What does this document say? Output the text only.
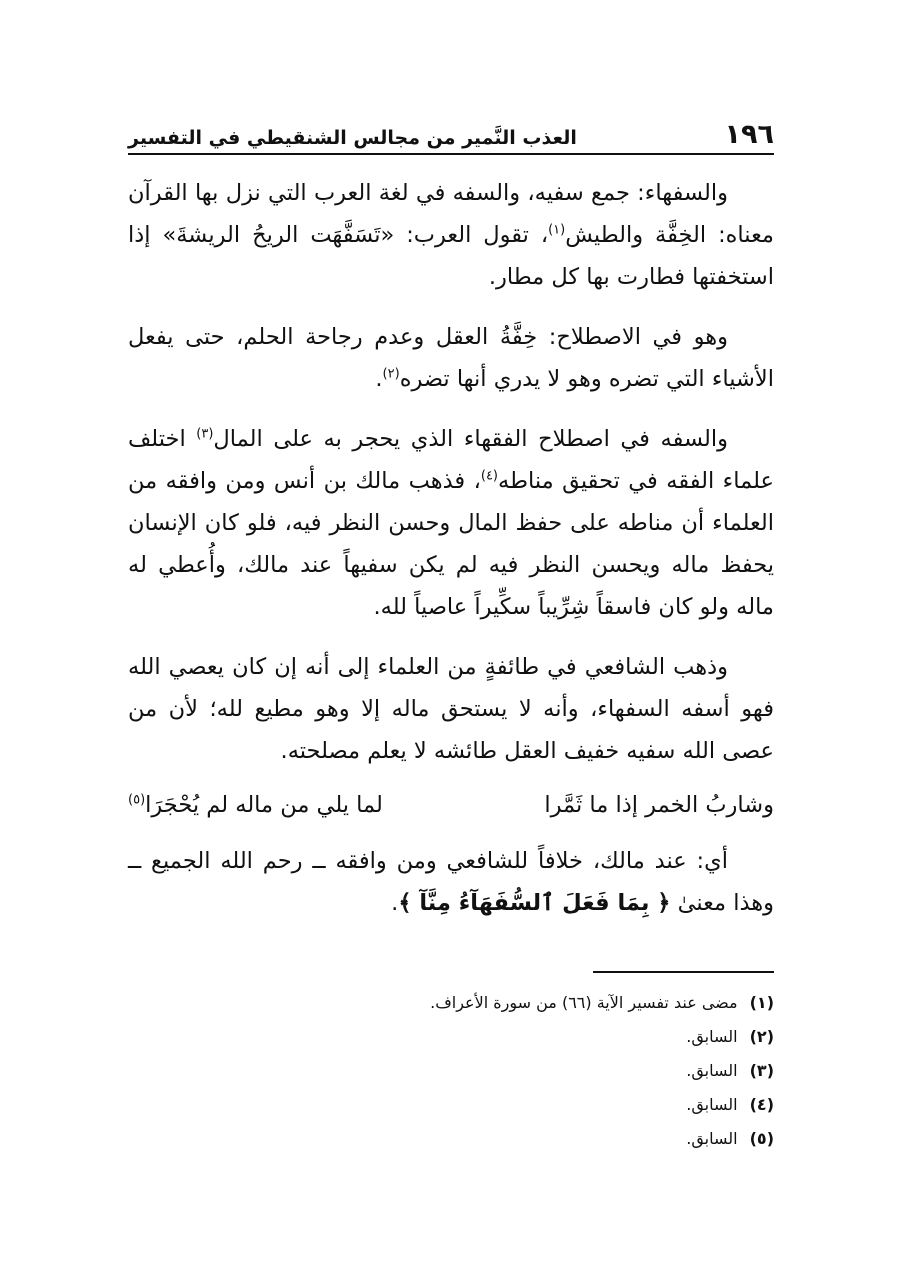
١٩٦
العذب النَّمير من مجالس الشنقيطي في التفسير

والسفهاء: جمع سفيه، والسفه في لغة العرب التي نزل بها القرآن معناه: الخِفَّة والطيش$^{(١)}$، تقول العرب: «تَسَفَّهَت الريحُ الريشةَ» إذا استخفتها فطارت بها كل مطار.

وهو في الاصطلاح: خِفَّةُ العقل وعدم رجاحة الحلم، حتى يفعل الأشياء التي تضره وهو لا يدري أنها تضره$^{(٢)}$.

والسفه في اصطلاح الفقهاء الذي يحجر به على المال$^{(٣)}$ اختلف علماء الفقه في تحقيق مناطه$^{(٤)}$، فذهب مالك بن أنس ومن وافقه من العلماء أن مناطه على حفظ المال وحسن النظر فيه، فلو كان الإنسان يحفظ ماله ويحسن النظر فيه لم يكن سفيهاً عند مالك، وأُعطي له ماله ولو كان فاسقاً شِرِّيباً سكِّيراً عاصياً لله.

وذهب الشافعي في طائفةٍ من العلماء إلى أنه إن كان يعصي الله فهو أسفه السفهاء، وأنه لا يستحق ماله إلا وهو مطيع لله؛ لأن من عصى الله سفيه خفيف العقل طائشه لا يعلم مصلحته.

وشاربُ الخمر إذا ما ثَمَّرا
لما يلي من ماله لم يُحْجَرَا$^{(٥)}$

أي: عند مالك، خلافاً للشافعي ومن وافقه ــ رحم الله الجميع ــ وهذا معنىٰ ﴿ بِمَا فَعَلَ ٱلسُّفَهَآءُ مِنَّآ ﴾.

(١)
مضى عند تفسير الآية (٦٦) من سورة الأعراف.
(٢)
السابق.
(٣)
السابق.
(٤)
السابق.
(٥)
السابق.
